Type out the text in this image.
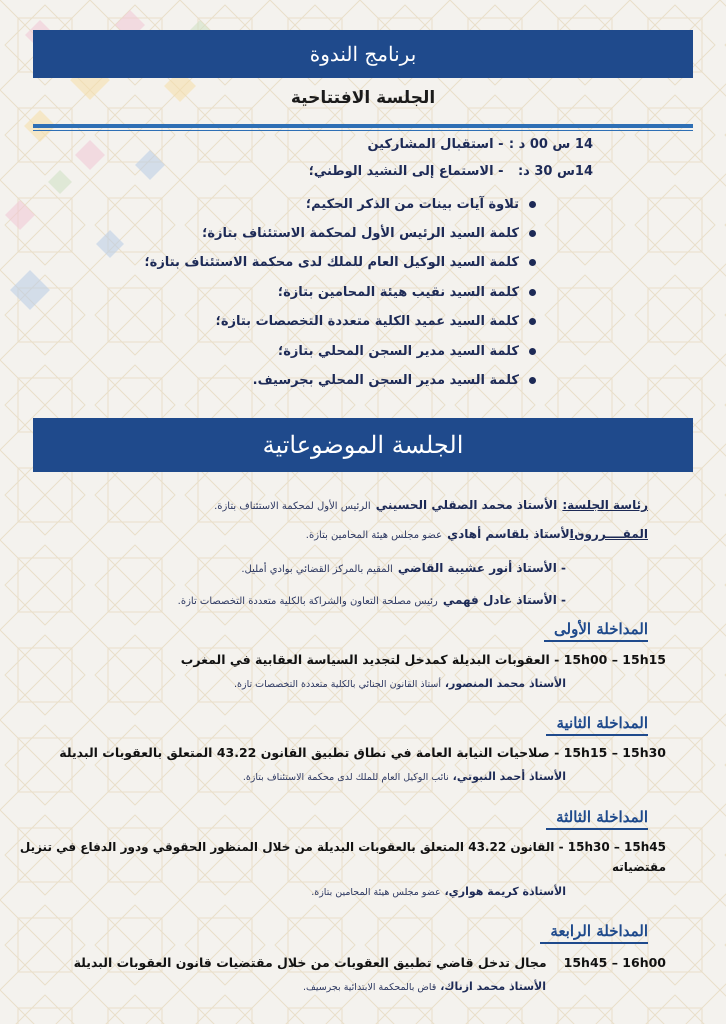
برنامج الندوة
الجلسة الافتتاحية
14 س 00 د : - استقبال المشاركين
14س 30 د: - الاستماع إلى النشيد الوطني؛
تلاوة آيات بينات من الذكر الحكيم؛
كلمة السيد الرئيس الأول لمحكمة الاستئناف بتازة؛
كلمة السيد الوكيل العام للملك لدى محكمة الاستئناف بتازة؛
كلمة السيد نقيب هيئة المحامين بتازة؛
كلمة السيد عميد الكلية متعددة التخصصات بتازة؛
كلمة السيد مدير السجن المحلي بتازة؛
كلمة السيد مدير السجن المحلي بجرسيف.
الجلسة الموضوعاتية
رئاسة الجلسة: الأستاذ محمد الصقلي الحسيني الرئيس الأول لمحكمة الاستئناف بتازة.
المقــــررون: - الأستاذ بلقاسم أهادي عضو مجلس هيئة المحامين بتازة.
- الأستاذ أنور عشيبة القاضي المقيم بالمركز القضائي بوادي أمليل.
- الأستاذ عادل فهمي رئيس مصلحة التعاون والشراكة بالكلية متعددة التخصصات تازة.
المداخلة الأولى
15h00 – 15h15 - العقوبات البديلة كمدخل لتجديد السياسة العقابية في المغرب
الأستاذ محمد المنصور، أستاذ القانون الجنائي بالكلية متعددة التخصصات تازة.
المداخلة الثانية
15h15 – 15h30 - صلاحيات النيابة العامة في نطاق تطبيق القانون 43.22 المتعلق بالعقوبات البديلة
الأستاذ أحمد النبوتي، نائب الوكيل العام للملك لدى محكمة الاستئناف بتازة.
المداخلة الثالثة
15h30 – 15h45 - القانون 43.22 المتعلق بالعقوبات البديلة من خلال المنظور الحقوقي ودور الدفاع في تنزيل
مقتضياته
الأستاذة كريمة هواري، عضو مجلس هيئة المحامين بتازة.
المداخلة الرابعة
15h45 – 16h00 مجال تدخل قاضي تطبيق العقوبات من خلال مقتضيات قانون العقوبات البديلة
الأستاذ محمد ازناك، قاض بالمحكمة الابتدائية بجرسيف.
